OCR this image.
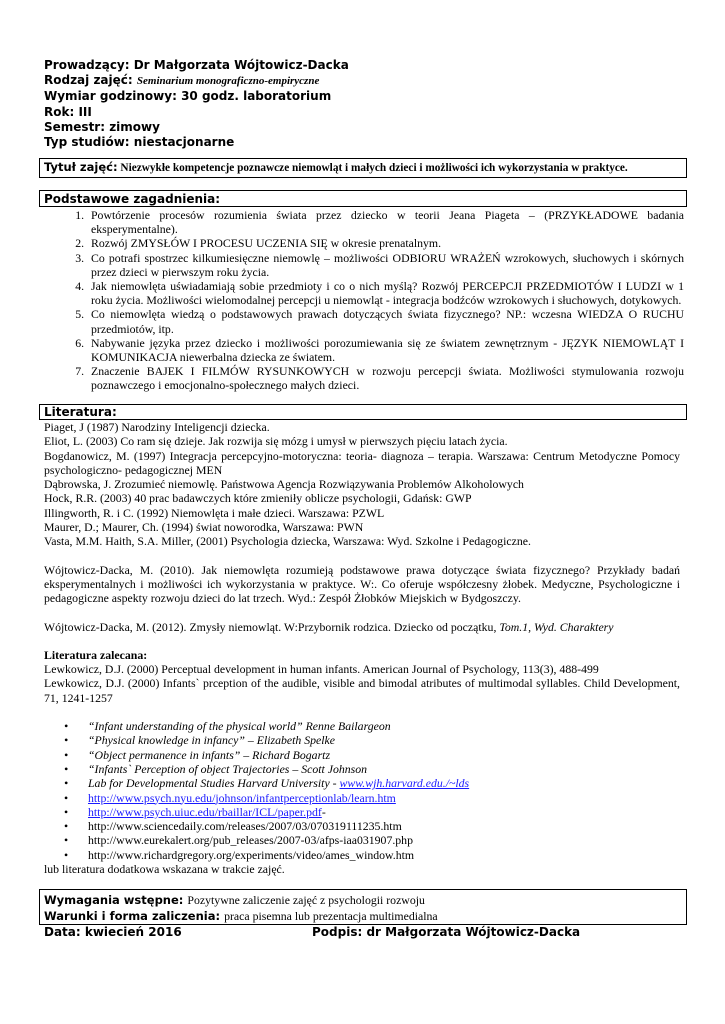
Prowadzący: Dr Małgorzata Wójtowicz-Dacka
Rodzaj zajęć: Seminarium monograficzno-empiryczne
Wymiar godzinowy: 30 godz. laboratorium
Rok: III
Semestr: zimowy
Typ studiów: niestacjonarne
Tytuł zajęć: Niezwykłe kompetencje poznawcze niemowląt i małych dzieci i możliwości ich wykorzystania w praktyce.
Podstawowe zagadnienia:
1. Powtórzenie procesów rozumienia świata przez dziecko w teorii Jeana Piageta – (PRZYKŁADOWE badania eksperymentalne).
2. Rozwój ZMYSŁÓW I PROCESU UCZENIA SIĘ w okresie prenatalnym.
3. Co potrafi spostrzec kilkumiesięczne niemowlę – możliwości ODBIORU WRAŻEŃ wzrokowych, słuchowych i skórnych przez dzieci w pierwszym roku życia.
4. Jak niemowlęta uświadamiają sobie przedmioty i co o nich myślą? Rozwój PERCEPCJI PRZEDMIOTÓW I LUDZI w 1 roku życia. Możliwości wielomodalnej percepcji u niemowląt - integracja bodźców wzrokowych i słuchowych, dotykowych.
5. Co niemowlęta wiedzą o podstawowych prawach dotyczących świata fizycznego? NP.: wczesna WIEDZA O RUCHU przedmiotów, itp.
6. Nabywanie języka przez dziecko i możliwości porozumiewania się ze światem zewnętrznym - JĘZYK NIEMOWLĄT I KOMUNIKACJA niewerbalna dziecka ze światem.
7. Znaczenie BAJEK I FILMÓW RYSUNKOWYCH w rozwoju percepcji świata. Możliwości stymulowania rozwoju poznawczego i emocjonalno-społecznego małych dzieci.
Literatura:

Piaget, J (1987) Narodziny Inteligencji dziecka.

Eliot, L. (2003) Co ram się dzieje. Jak rozwija się mózg i umysł w pierwszych pięciu latach życia.

Bogdanowicz, M. (1997) Integracja percepcyjno-motoryczna: teoria- diagnoza – terapia. Warszawa: Centrum Metodyczne Pomocy psychologiczno- pedagogicznej MEN

Dąbrowska, J. Zrozumieć niemowlę. Państwowa Agencja Rozwiązywania Problemów Alkoholowych

Hock, R.R. (2003) 40 prac badawczych które zmieniły oblicze psychologii, Gdańsk: GWP

Illingworth, R. i C. (1992) Niemowlęta i małe dzieci. Warszawa: PZWL

Maurer, D.; Maurer, Ch. (1994) świat noworodka, Warszawa: PWN

Vasta, M.M. Haith, S.A. Miller, (2001) Psychologia dziecka, Warszawa: Wyd. Szkolne i Pedagogiczne.

Wójtowicz-Dacka, M. (2010). Jak niemowlęta rozumieją podstawowe prawa dotyczące świata fizycznego? Przykłady badań eksperymentalnych i możliwości ich wykorzystania w praktyce. W:. Co oferuje współczesny żłobek. Medyczne, Psychologiczne i pedagogiczne aspekty rozwoju dzieci do lat trzech. Wyd.: Zespół Żłobków Miejskich w Bydgoszczy.

Wójtowicz-Dacka, M. (2012). Zmysły niemowląt. W:Przybornik rodzica. Dziecko od początku, Tom.1, Wyd. Charaktery

Literatura zalecana:

Lewkowicz, D.J. (2000) Perceptual development in human infants. American Journal of Psychology, 113(3), 488-499

Lewkowicz, D.J. (2000) Infants` prception of the audible, visible and bimodal atributes of multimodal syllables. Child Development, 71, 1241-1257

• “Infant understanding of the physical world” Renne Bailargeon
• “Physical knowledge in infancy” – Elizabeth Spelke
• “Object permanence in infants” – Richard Bogartz
• “Infants` Perception of object Trajectories – Scott Johnson
• Lab for Developmental Studies Harvard University - www.wjh.harvard.edu./~lds
• http://www.psych.nyu.edu/johnson/infantperceptionlab/learn.htm
• http://www.psych.uiuc.edu/rbaillar/ICL/paper.pdf-
• http://www.sciencedaily.com/releases/2007/03/070319111235.htm
• http://www.eurekalert.org/pub_releases/2007-03/afps-iaa031907.php
• http://www.richardgregory.org/experiments/video/ames_window.htm

lub literatura dodatkowa wskazana w trakcie zajęć.

Wymagania wstępne: Pozytywne zaliczenie zajęć z psychologii rozwoju
Warunki i forma zaliczenia: praca pisemna lub prezentacja multimedialna
Data: kwiecień 2016	Podpis: dr Małgorzata Wójtowicz-Dacka
